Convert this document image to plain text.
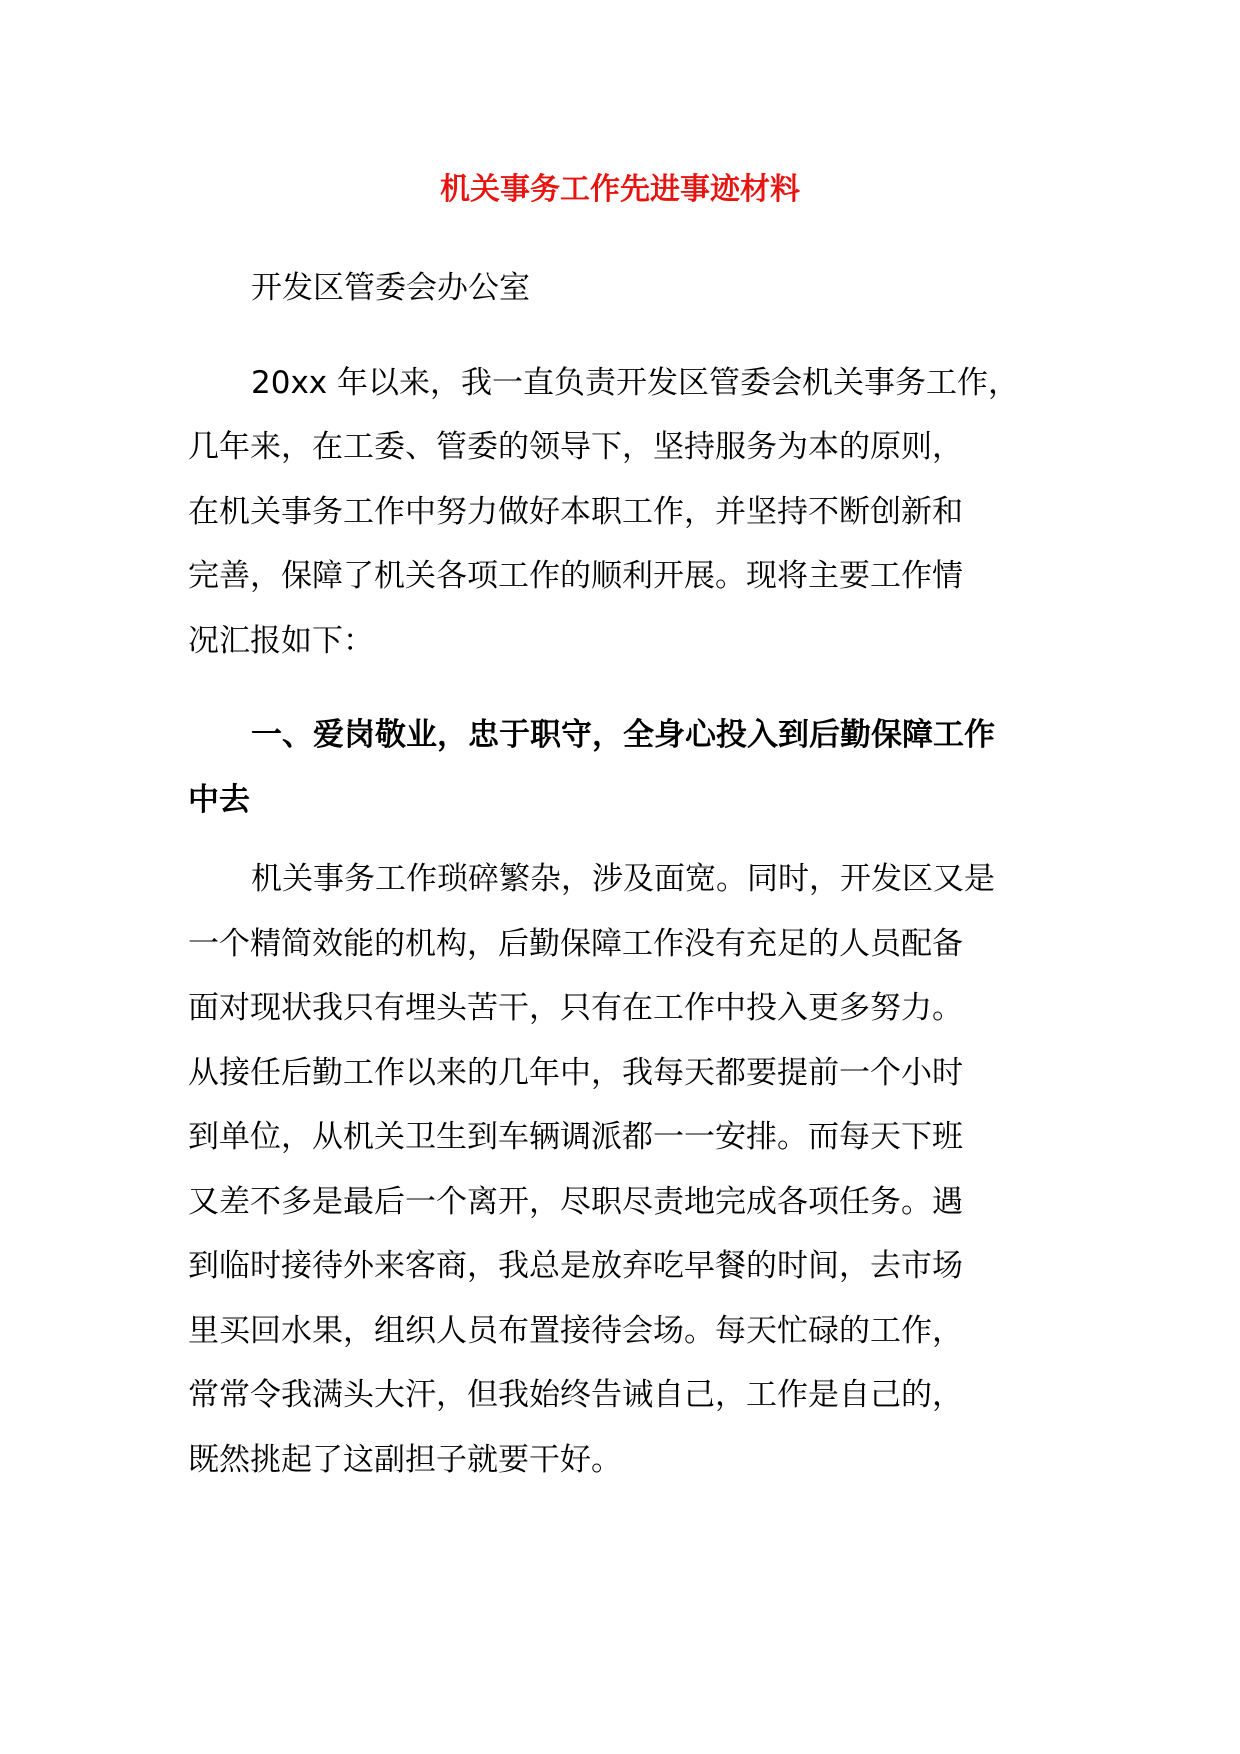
机关事务工作先进事迹材料
开发区管委会办公室
20xx 年以来，我一直负责开发区管委会机关事务工作，
几年来，在工委、管委的领导下，坚持服务为本的原则，
在机关事务工作中努力做好本职工作，并坚持不断创新和
完善，保障了机关各项工作的顺利开展。现将主要工作情
况汇报如下：
一、爱岗敬业，忠于职守，全身心投入到后勤保障工作
中去
机关事务工作琐碎繁杂，涉及面宽。同时，开发区又是
一个精简效能的机构，后勤保障工作没有充足的人员配备
面对现状我只有埋头苦干，只有在工作中投入更多努力。
从接任后勤工作以来的几年中，我每天都要提前一个小时
到单位，从机关卫生到车辆调派都一一安排。而每天下班
又差不多是最后一个离开，尽职尽责地完成各项任务。遇
到临时接待外来客商，我总是放弃吃早餐的时间，去市场
里买回水果，组织人员布置接待会场。每天忙碌的工作，
常常令我满头大汗，但我始终告诫自己，工作是自己的，
既然挑起了这副担子就要干好。
